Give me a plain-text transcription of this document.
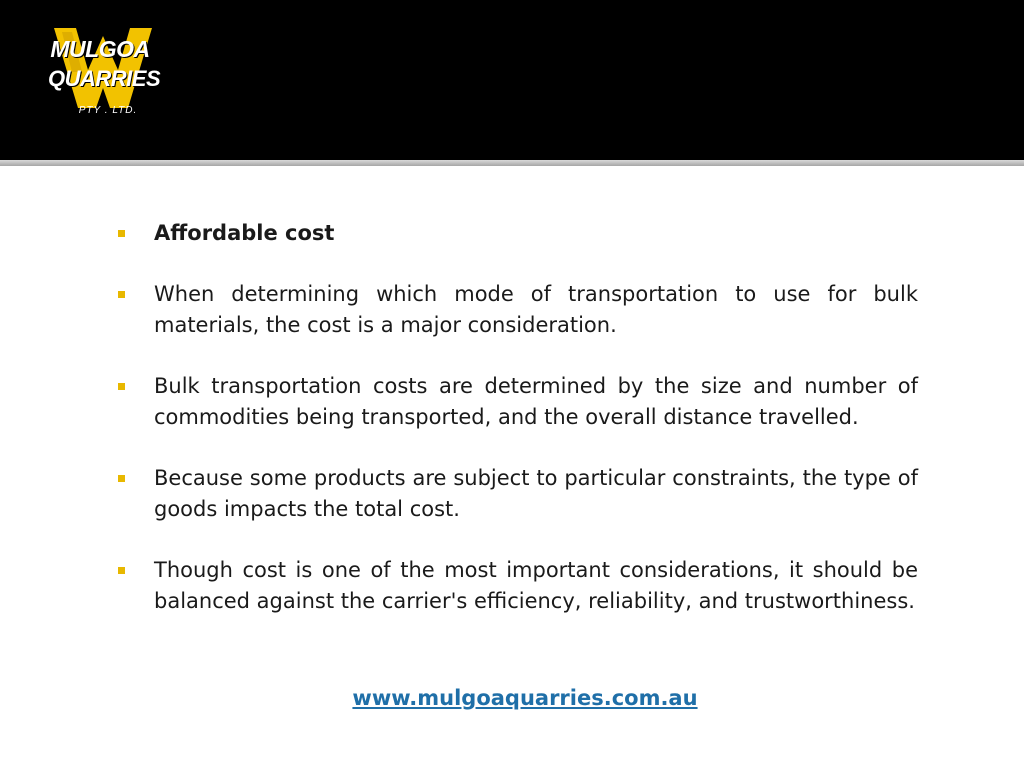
MULGOA
QUARRIES
PTY . LTD.

Affordable cost

When determining which mode of transportation to use for bulk materials, the cost is a major consideration.

Bulk transportation costs are determined by the size and number of commodities being transported, and the overall distance travelled.

Because some products are subject to particular constraints, the type of goods impacts the total cost.

Though cost is one of the most important considerations, it should be balanced against the carrier's efficiency, reliability, and trustworthiness.

www.mulgoaquarries.com.au
